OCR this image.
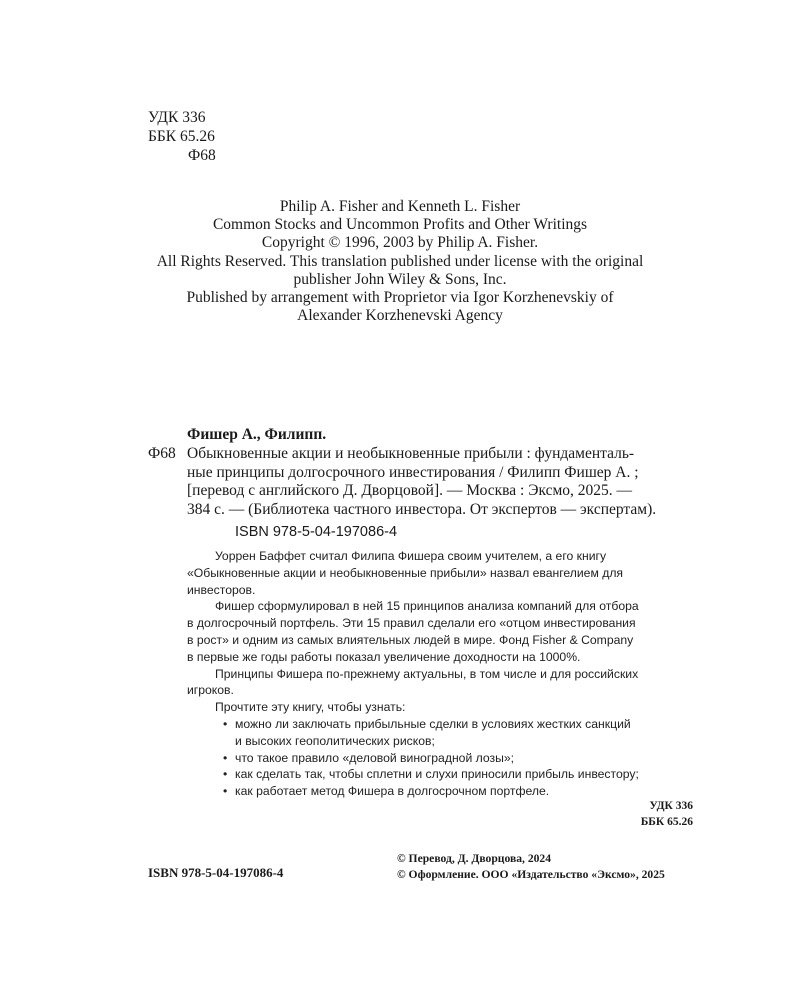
УДК 336
ББК 65.26
Ф68
Philip A. Fisher and Kenneth L. Fisher
Common Stocks and Uncommon Profits and Other Writings
Copyright © 1996, 2003 by Philip A. Fisher.
All Rights Reserved. This translation published under license with the original
publisher John Wiley & Sons, Inc.
Published by arrangement with Proprietor via Igor Korzhenevskiy of
Alexander Korzhenevski Agency
Фишер А., Филипп.
Ф68 Обыкновенные акции и необыкновенные прибыли : фундаменталь-
ные принципы долгосрочного инвестирования / Филипп Фишер А. ;
[перевод с английского Д. Дворцовой]. — Москва : Эксмо, 2025. —
384 с. — (Библиотека частного инвестора. От экспертов — экспертам).
ISBN 978-5-04-197086-4
Уоррен Баффет считал Филипа Фишера своим учителем, а его книгу
«Обыкновенные акции и необыкновенные прибыли» назвал евангелием для
инвесторов.
Фишер сформулировал в ней 15 принципов анализа компаний для отбора
в долгосрочный портфель. Эти 15 правил сделали его «отцом инвестирования
в рост» и одним из самых влиятельных людей в мире. Фонд Fisher & Company
в первые же годы работы показал увеличение доходности на 1000%.
Принципы Фишера по-прежнему актуальны, в том числе и для российских
игроков.
Прочтите эту книгу, чтобы узнать:
• можно ли заключать прибыльные сделки в условиях жестких санкций
и высоких геополитических рисков;
• что такое правило «деловой виноградной лозы»;
• как сделать так, чтобы сплетни и слухи приносили прибыль инвестору;
• как работает метод Фишера в долгосрочном портфеле.
УДК 336
ББК 65.26
ISBN 978-5-04-197086-4
© Перевод, Д. Дворцова, 2024
© Оформление. ООО «Издательство «Эксмо», 2025
